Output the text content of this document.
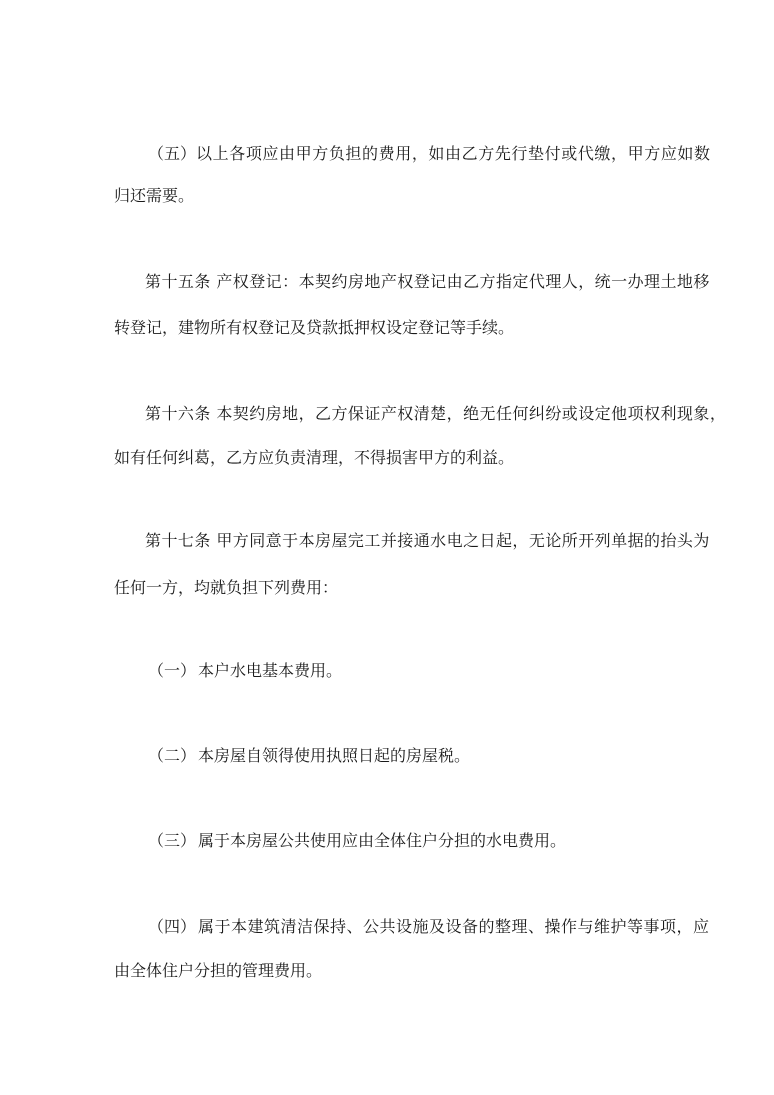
（五） 以上各项应由甲方负担的费用，如由乙方先行垫付或代缴，甲方应如数
归还需要。
第十五条 产权登记：本契约房地产权登记由乙方指定代理人，统一办理土地移
转登记，建物所有权登记及贷款抵押权设定登记等手续。
第十六条 本契约房地，乙方保证产权清楚，绝无任何纠纷或设定他项权利现象，
如有任何纠葛，乙方应负责清理，不得损害甲方的利益。
第十七条 甲方同意于本房屋完工并接通水电之日起，无论所开列单据的抬头为
任何一方，均就负担下列费用：
（一） 本户水电基本费用。
（二） 本房屋自领得使用执照日起的房屋税。
（三） 属于本房屋公共使用应由全体住户分担的水电费用。
（四） 属于本建筑清洁保持、公共设施及设备的整理、操作与维护等事项，应
由全体住户分担的管理费用。
